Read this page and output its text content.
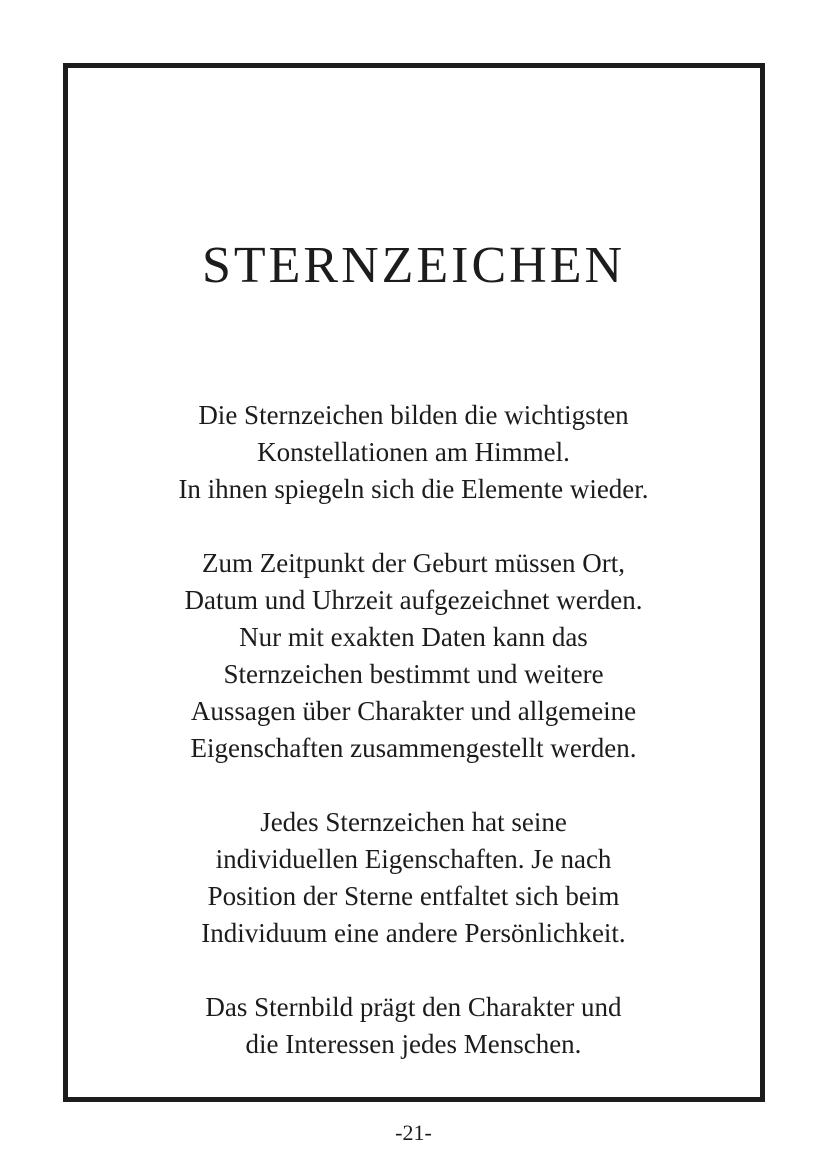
STERNZEICHEN

Die Sternzeichen bilden die wichtigsten
Konstellationen am Himmel.
In ihnen spiegeln sich die Elemente wieder.

Zum Zeitpunkt der Geburt müssen Ort,
Datum und Uhrzeit aufgezeichnet werden.
Nur mit exakten Daten kann das
Sternzeichen bestimmt und weitere
Aussagen über Charakter und allgemeine
Eigenschaften zusammengestellt werden.

Jedes Sternzeichen hat seine
individuellen Eigenschaften. Je nach
Position der Sterne entfaltet sich beim
Individuum eine andere Persönlichkeit.

Das Sternbild prägt den Charakter und
die Interessen jedes Menschen.

-21-
